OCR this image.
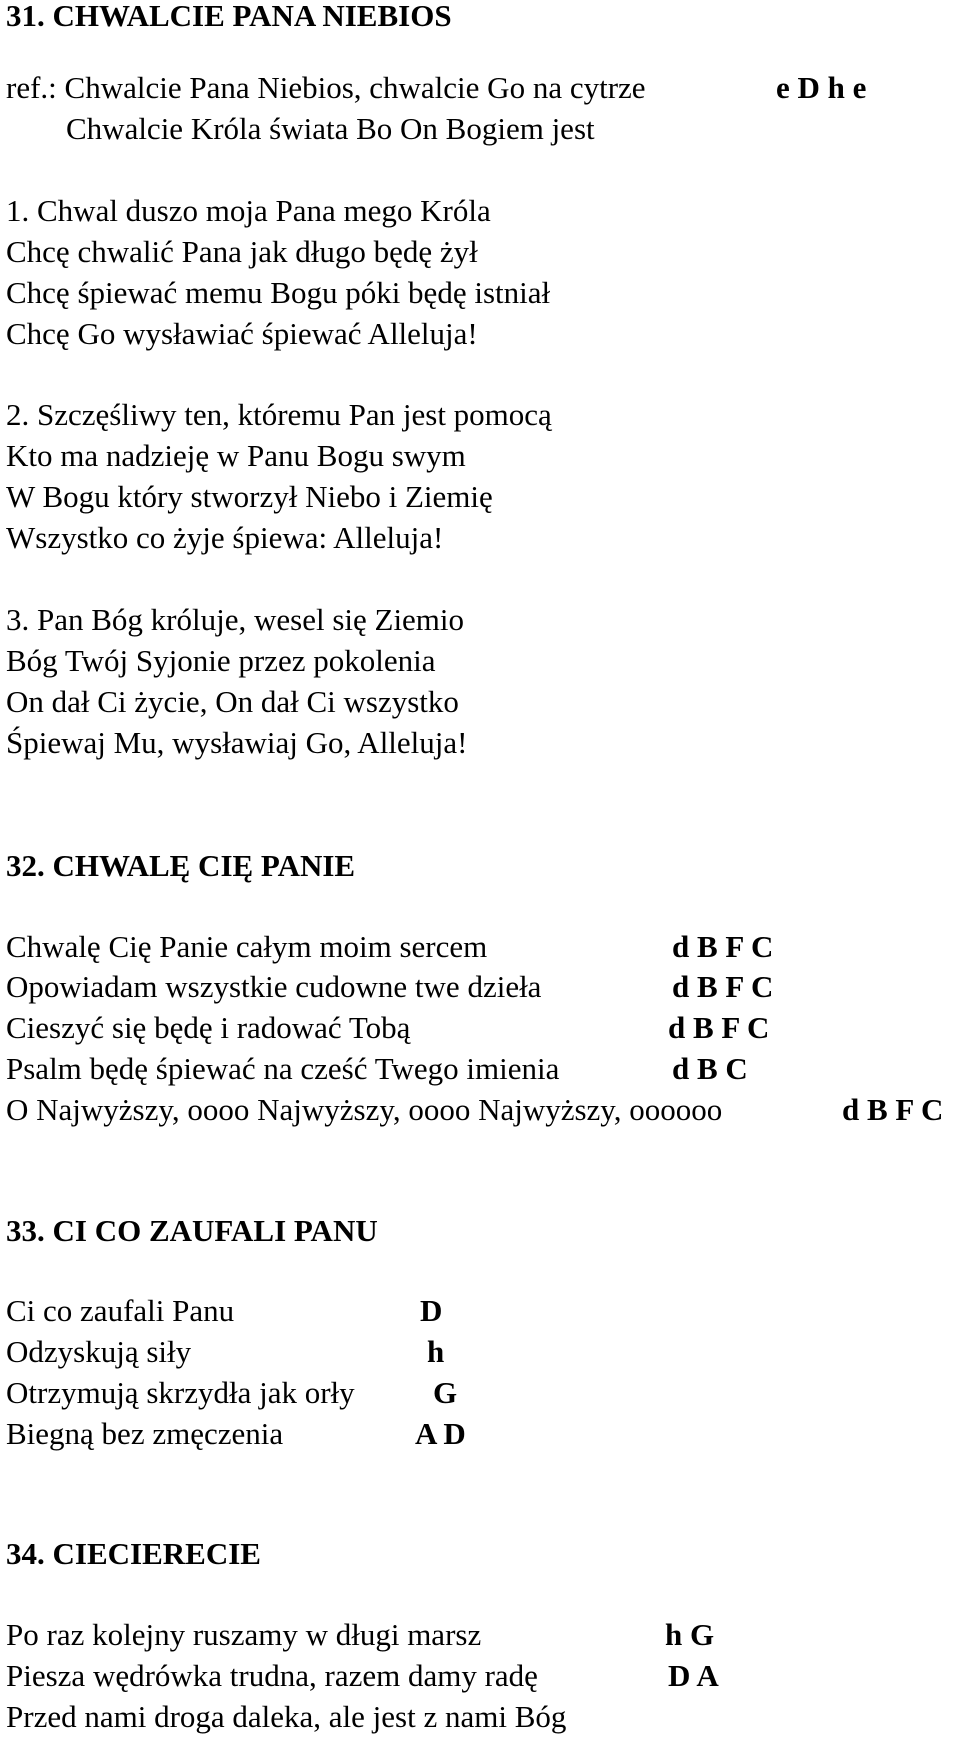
31. CHWALCIE PANA NIEBIOS
ref.: Chwalcie Pana Niebios, chwalcie Go na cytrze	e D h e
Chwalcie Króla świata Bo On Bogiem jest
1. Chwal duszo moja Pana mego Króla
Chcę chwalić Pana jak długo będę żył
Chcę śpiewać memu Bogu póki będę istniał
Chcę Go wysławiać śpiewać Alleluja!
2. Szczęśliwy ten, któremu Pan jest pomocą
Kto ma nadzieję w Panu Bogu swym
W Bogu który stworzył Niebo i Ziemię
Wszystko co żyje śpiewa: Alleluja!
3. Pan Bóg króluje, wesel się Ziemio
Bóg Twój Syjonie przez pokolenia
On dał Ci życie, On dał Ci wszystko
Śpiewaj Mu, wysławiaj Go, Alleluja!
32. CHWALĘ CIĘ PANIE
Chwalę Cię Panie całym moim sercem	d B F C
Opowiadam wszystkie cudowne twe dzieła	d B F C
Cieszyć się będę i radować Tobą	d B F C
Psalm będę śpiewać na cześć Twego imienia	d B C
O Najwyższy, oooo Najwyższy, oooo Najwyższy, oooooo	d B F C
33. CI CO ZAUFALI PANU
Ci co zaufali Panu	D
Odzyskują siły	h
Otrzymują skrzydła jak orły	G
Biegną bez zmęczenia	A D
34. CIECIERECIE
Po raz kolejny ruszamy w długi marsz	h G
Piesza wędrówka trudna, razem damy radę	D A
Przed nami droga daleka, ale jest z nami Bóg
